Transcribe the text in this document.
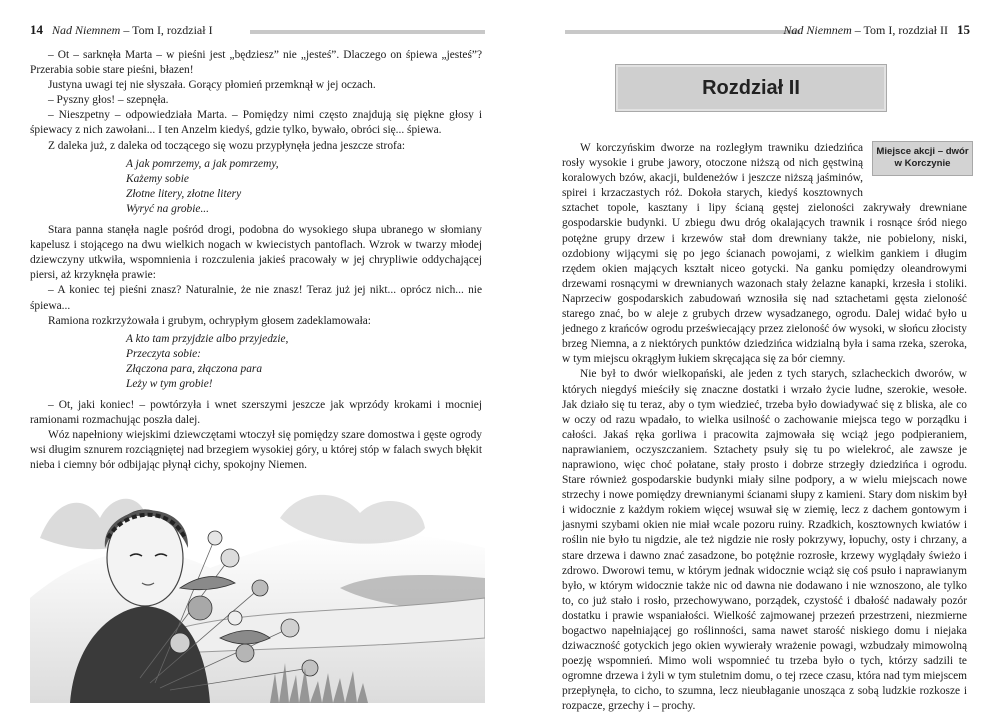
14 Nad Niemnem – Tom I, rozdział I

– Ot – sarknęła Marta – w pieśni jest „będziesz” nie „jesteś”. Dlaczego on śpiewa „jesteś”? Przerabia sobie stare pieśni, błazen!

Justyna uwagi tej nie słyszała. Gorący płomień przemknął w jej oczach.

– Pyszny głos! – szepnęła.

– Nieszpetny – odpowiedziała Marta. – Pomiędzy nimi często znajdują się piękne głosy i śpiewacy z nich zawołani... I ten Anzelm kiedyś, gdzie tylko, bywało, obróci się... śpiewa.

Z daleka już, z daleka od toczącego się wozu przypłynęła jedna jeszcze strofa:

A jak pomrzemy, a jak pomrzemy,
Każemy sobie
Złotne litery, złotne litery
Wyryć na grobie...

Stara panna stanęła nagle pośród drogi, podobna do wysokiego słupa ubranego w słomiany kapelusz i stojącego na dwu wielkich nogach w kwiecistych pantoflach. Wzrok w twarzy młodej dziewczyny utkwiła, wspomnienia i rozczulenia jakieś pracowały w jej chrypliwie oddychającej piersi, aż krzyknęła prawie:

– A koniec tej pieśni znasz? Naturalnie, że nie znasz! Teraz już jej nikt... oprócz nich... nie śpiewa...

Ramiona rozkrzyżowała i grubym, ochrypłym głosem zadeklamowała:

A kto tam przyjdzie albo przyjedzie,
Przeczyta sobie:
Złączona para, złączona para
Leży w tym grobie!

– Ot, jaki koniec! – powtórzyła i wnet szerszymi jeszcze jak wprzódy krokami i mocniej ramionami rozmachując poszła dalej.

Wóz napełniony wiejskimi dziewczętami wtoczył się pomiędzy szare domostwa i gęste ogrody wsi długim sznurem rozciągniętej nad brzegiem wysokiej góry, u której stóp w falach swych błękit nieba i ciemny bór odbijając płynął cichy, spokojny Niemen.

Nad Niemnem – Tom I, rozdział II 15
Rozdział II
Miejsce akcji – dwór w Korczynie

W korczyńskim dworze na rozległym trawniku dziedzińca rosły wysokie i grube jawory, otoczone niższą od nich gęstwiną koralowych bzów, akacji, buldeneżów i jeszcze niższą jaśminów, spirei i krzaczastych róż. Dokoła starych, kiedyś kosztownych sztachet topole, kasztany i lipy ścianą gęstej zieloności zakrywały drewniane gospodarskie budynki. U zbiegu dwu dróg okalających trawnik i rosnące śród niego potężne grupy drzew i krzewów stał dom drewniany także, nie pobielony, niski, ozdobiony wijącymi się po jego ścianach powojami, z wielkim gankiem i długim rzędem okien mających kształt niceo gotycki. Na ganku pomiędzy oleandrowymi drzewami rosnącymi w drewnianych wazonach stały żelazne kanapki, krzesła i stoliki. Naprzeciw gospodarskich zabudowań wznosiła się nad sztachetami gęsta zieloność starego znać, bo w aleje z grubych drzew wysadzanego, ogrodu. Dalej widać było u jednego z krańców ogrodu przeświecający przez zieloność ów wysoki, w słońcu złocisty brzeg Niemna, a z niektórych punktów dziedzińca widzialną była i sama rzeka, szeroka, w tym miejscu okrągłym łukiem skręcająca się za bór ciemny.

Nie był to dwór wielkopański, ale jeden z tych starych, szlacheckich dworów, w których niegdyś mieściły się znaczne dostatki i wrzało życie ludne, szerokie, wesołe. Jak działo się tu teraz, aby o tym wiedzieć, trzeba było dowiadywać się z bliska, ale co w oczy od razu wpadało, to wielka usilność o zachowanie miejsca tego w porządku i całości. Jakaś ręka gorliwa i pracowita zajmowała się wciąż jego podpieraniem, naprawianiem, oczyszczaniem. Sztachety psuły się tu po wielekroć, ale zawsze je naprawiono, więc choć połatane, stały prosto i dobrze strzegły dziedzińca i ogrodu. Stare również gospodarskie budynki miały silne podpory, a w wielu miejscach nowe strzechy i nowe pomiędzy drewnianymi ścianami słupy z kamieni. Stary dom niskim był i widocznie z każdym rokiem więcej wsuwał się w ziemię, lecz z dachem gontowym i jasnymi szybami okien nie miał wcale pozoru ruiny. Rzadkich, kosztownych kwiatów i roślin nie było tu nigdzie, ale też nigdzie nie rosły pokrzywy, łopuchy, osty i chrzany, a stare drzewa i dawno znać zasadzone, bo potężnie rozrosłe, krzewy wyglądały świeżo i zdrowo. Dworowi temu, w którym jednak widocznie wciąż się coś psuło i naprawianym było, w którym widocznie także nic od dawna nie dodawano i nie wznoszono, ale tylko to, co już stało i rosło, przechowywano, porządek, czystość i dbałość nadawały pozór dostatku i prawie wspaniałości. Wielkość zajmowanej przezeń przestrzeni, niezmierne bogactwo napełniającej go roślinności, sama nawet starość niskiego domu i niejaka dziwaczność gotyckich jego okien wywierały wrażenie powagi, wzbudzały mimowolną poezję wspomnień. Mimo woli wspomnieć tu trzeba było o tych, którzy sadzili te ogromne drzewa i żyli w tym stuletnim domu, o tej rzece czasu, która nad tym miejscem przepłynęła, to cicho, to szumna, lecz nieubłaganie unosząca z sobą ludzkie rozkosze i rozpacze, grzechy i – prochy.
